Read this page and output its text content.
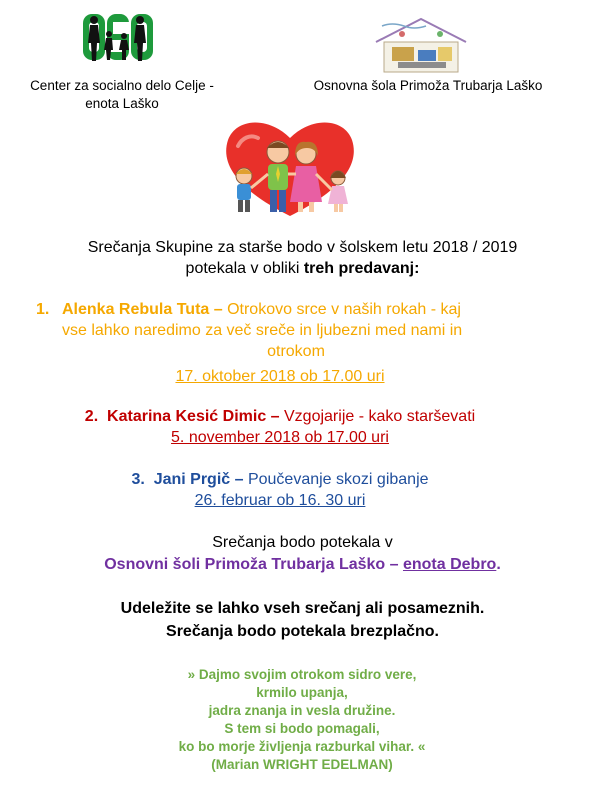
Center za socialno delo Celje -
enota Laško
Osnovna šola Primoža Trubarja Laško
Srečanja Skupine za starše bodo v šolskem letu 2018 / 2019
potekala v obliki treh predavanj:
1. Alenka Rebula Tuta – Otrokovo srce v naših rokah - kaj
vse lahko naredimo za več sreče in ljubezni med nami in
otrokom
17. oktober 2018 ob 17.00 uri
2. Katarina Kesić Dimic – Vzgojarije - kako starševati
5. november 2018 ob 17.00 uri
3. Jani Prgič – Poučevanje skozi gibanje
26. februar ob 16. 30 uri
Srečanja bodo potekala v
Osnovni šoli Primoža Trubarja Laško – enota Debro.
Udeležite se lahko vseh srečanj ali posameznih.
Srečanja bodo potekala brezplačno.
» Dajmo svojim otrokom sidro vere,
krmilo upanja,
jadra znanja in vesla družine.
S tem si bodo pomagali,
ko bo morje življenja razburkal vihar. «
(Marian WRIGHT EDELMAN)
